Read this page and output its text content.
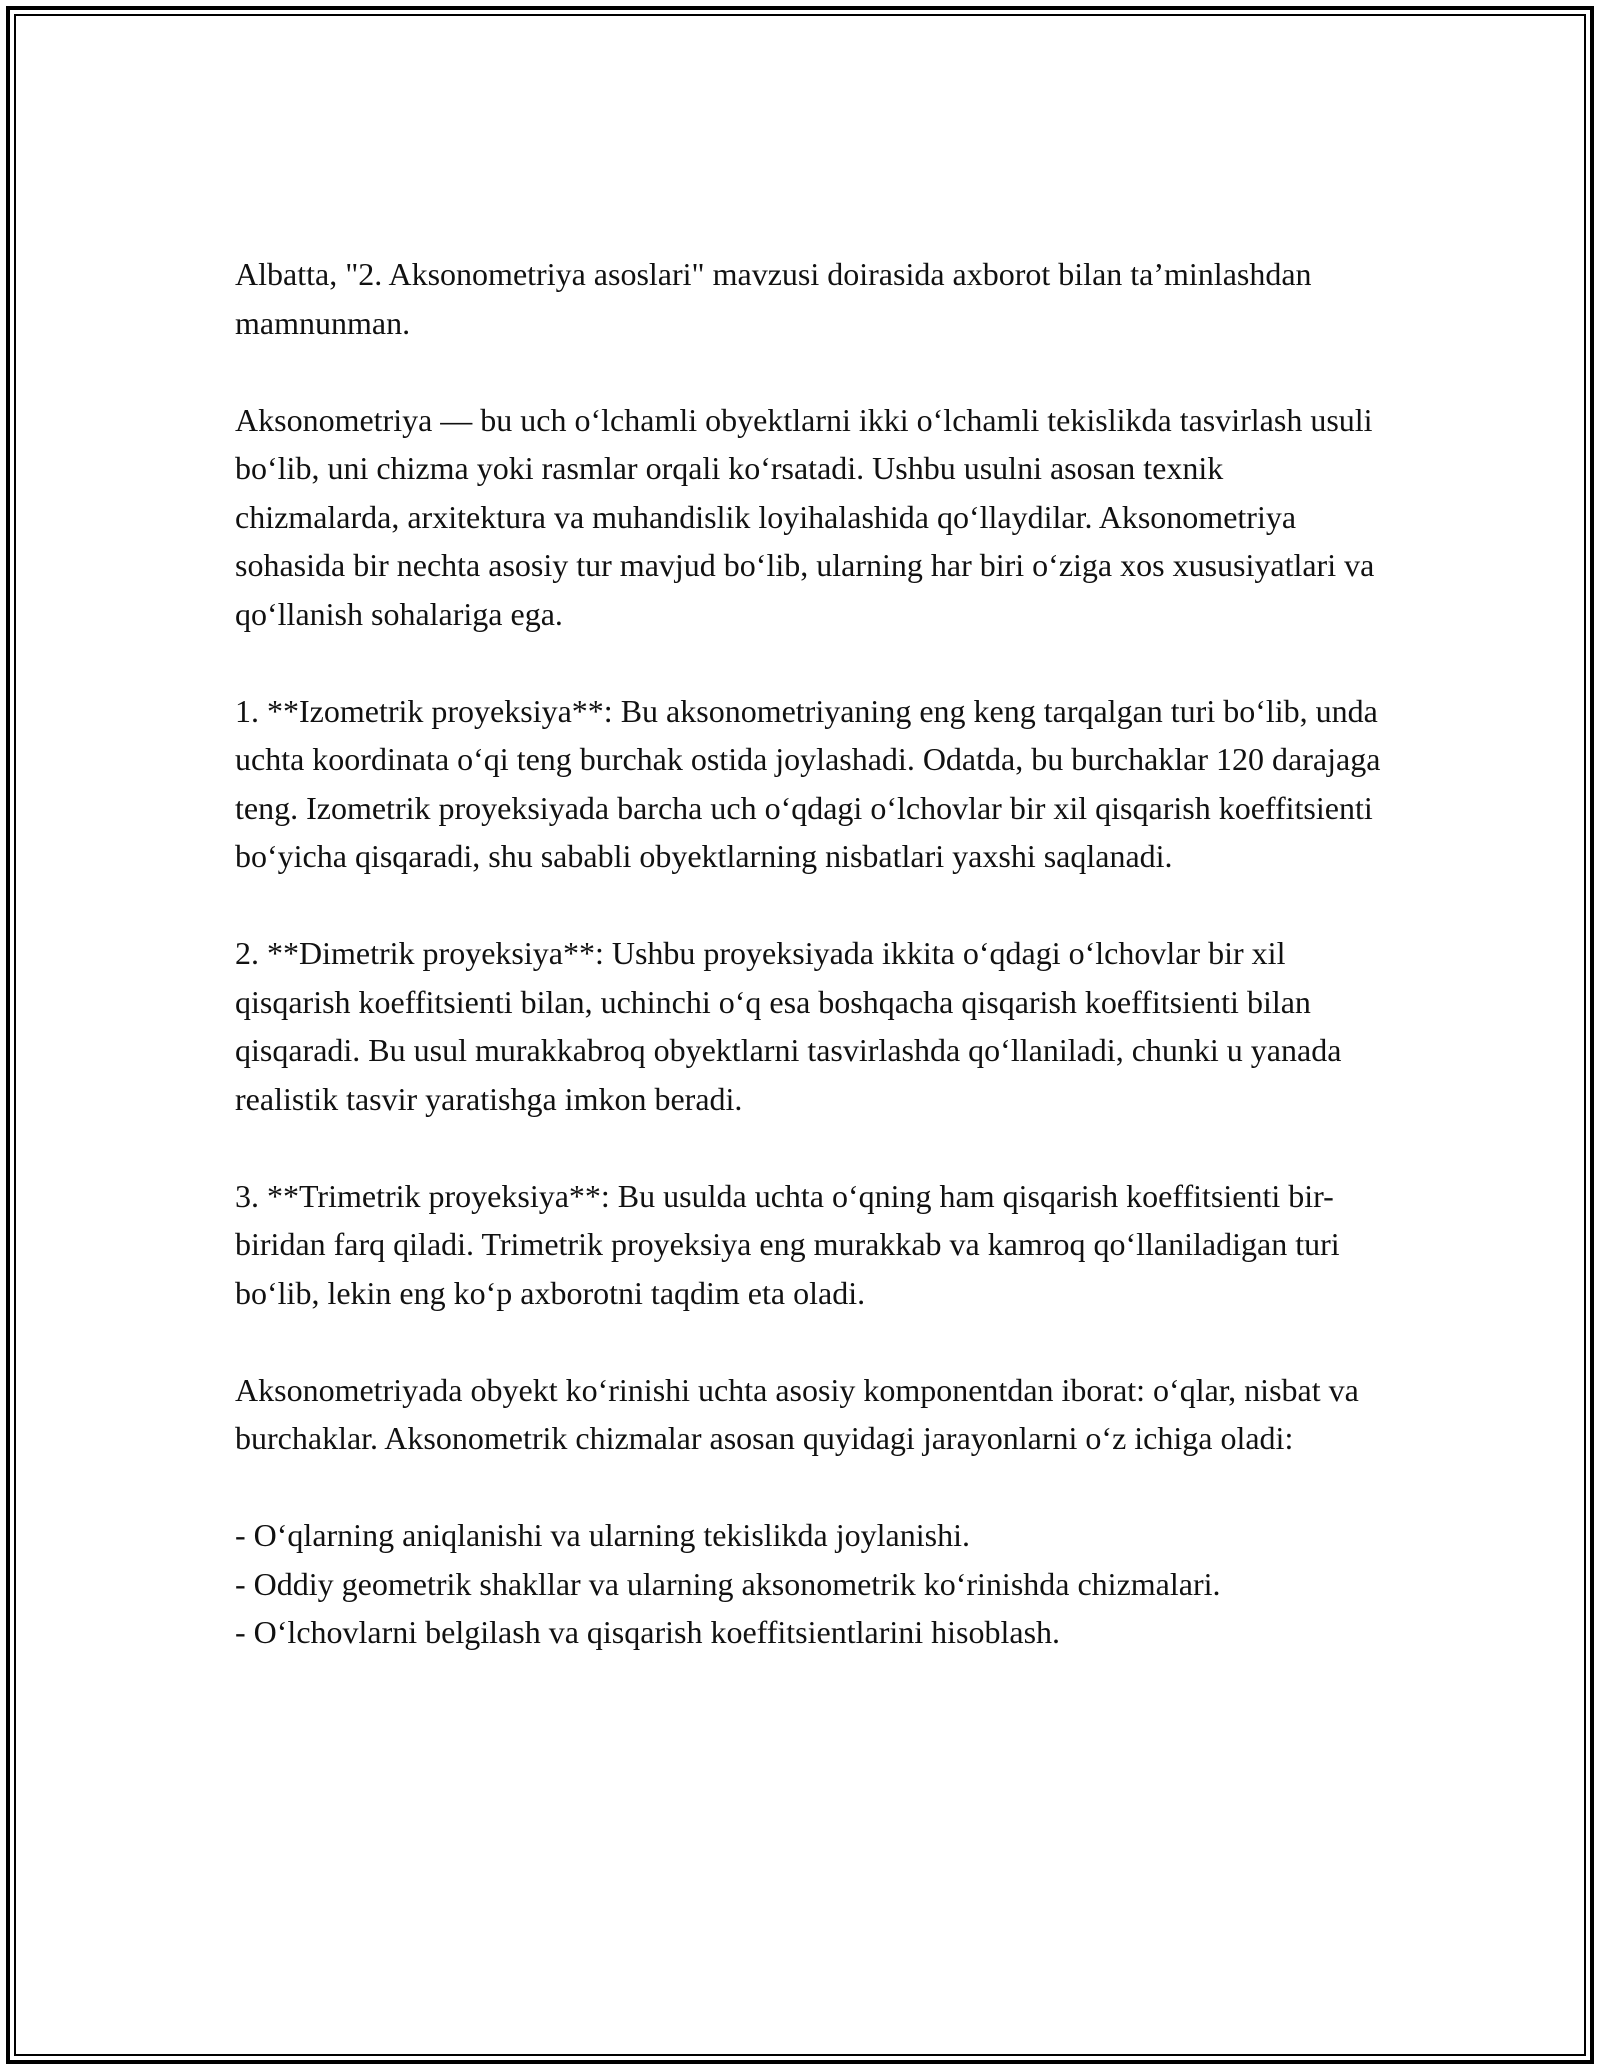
Albatta, "2. Aksonometriya asoslari" mavzusi doirasida axborot bilan ta’minlashdan mamnunman.

Aksonometriya — bu uch o‘lchamli obyektlarni ikki o‘lchamli tekislikda tasvirlash usuli bo‘lib, uni chizma yoki rasmlar orqali ko‘rsatadi. Ushbu usulni asosan texnik chizmalarda, arxitektura va muhandislik loyihalashida qo‘llaydilar. Aksonometriya sohasida bir nechta asosiy tur mavjud bo‘lib, ularning har biri o‘ziga xos xususiyatlari va qo‘llanish sohalariga ega.

1. **Izometrik proyeksiya**: Bu aksonometriyaning eng keng tarqalgan turi bo‘lib, unda uchta koordinata o‘qi teng burchak ostida joylashadi. Odatda, bu burchaklar 120 darajaga teng. Izometrik proyeksiyada barcha uch o‘qdagi o‘lchovlar bir xil qisqarish koeffitsienti bo‘yicha qisqaradi, shu sababli obyektlarning nisbatlari yaxshi saqlanadi.

2. **Dimetrik proyeksiya**: Ushbu proyeksiyada ikkita o‘qdagi o‘lchovlar bir xil qisqarish koeffitsienti bilan, uchinchi o‘q esa boshqacha qisqarish koeffitsienti bilan qisqaradi. Bu usul murakkabroq obyektlarni tasvirlashda qo‘llaniladi, chunki u yanada realistik tasvir yaratishga imkon beradi.

3. **Trimetrik proyeksiya**: Bu usulda uchta o‘qning ham qisqarish koeffitsienti bir-biridan farq qiladi. Trimetrik proyeksiya eng murakkab va kamroq qo‘llaniladigan turi bo‘lib, lekin eng ko‘p axborotni taqdim eta oladi.

Aksonometriyada obyekt ko‘rinishi uchta asosiy komponentdan iborat: o‘qlar, nisbat va burchaklar. Aksonometrik chizmalar asosan quyidagi jarayonlarni o‘z ichiga oladi:

- O‘qlarning aniqlanishi va ularning tekislikda joylanishi.
- Oddiy geometrik shakllar va ularning aksonometrik ko‘rinishda chizmalari.
- O‘lchovlarni belgilash va qisqarish koeffitsientlarini hisoblash.
